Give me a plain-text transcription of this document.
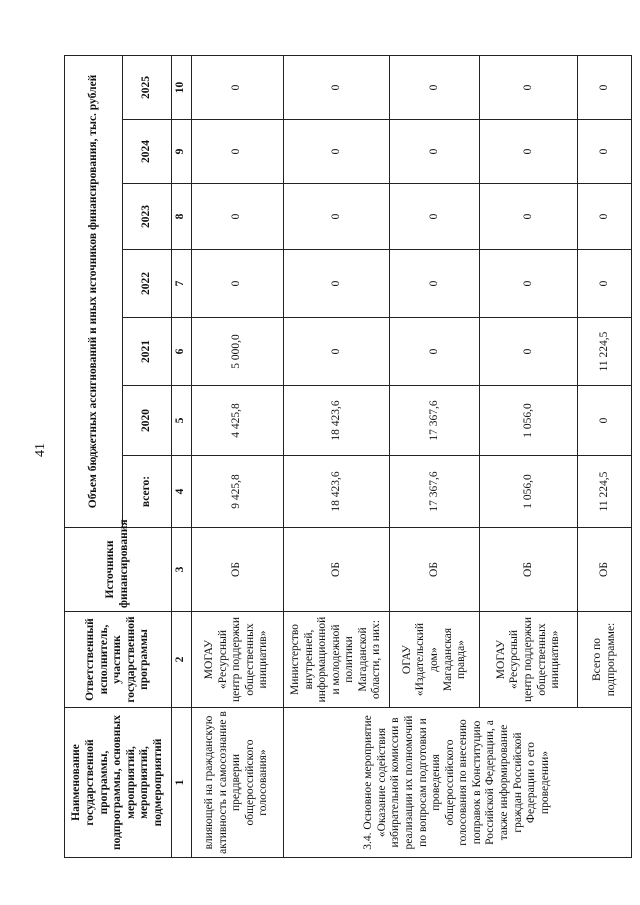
41
Наименование государственной программы, подпрограммы, основных мероприятий, мероприятий, подмероприятий	Ответственный исполнитель, участник государственной программы	Источники финансирования	Объем бюджетных ассигнований и иных источников финансирования, тыс. рублей						
			всего:	2020	2021	2022	2023	2024	2025
1	2	3	4	5	6	7	8	9	10
влияющей на гражданскую активность и самосознание в преддверии общероссийского голосования»	МОГАУ «Ресурсный центр поддержки общественных инициатив»	ОБ	9 425,8	4 425,8	5 000,0	0	0	0	0
3.4. Основное мероприятие «Оказание содействия избирательной комиссии в реализации их полномочий по вопросам подготовки и проведения общероссийского голосования по внесению поправок в Конституцию Российской Федерации, а также информирование граждан Российской Федерации о его проведении»	Министерство внутренней, информационной и молодежной политики Магаданской области, из них:	ОБ	18 423,6	18 423,6	0	0	0	0	0
	ОГАУ «Издательский дом» Магаданская правда»	ОБ	17 367,6	17 367,6	0	0	0	0	0
	МОГАУ «Ресурсный центр поддержки общественных инициатив»	ОБ	1 056,0	1 056,0	0	0	0	0	0
	Всего по подпрограмме:	ОБ	11 224,5	0	11 224,5	0	0	0	0
